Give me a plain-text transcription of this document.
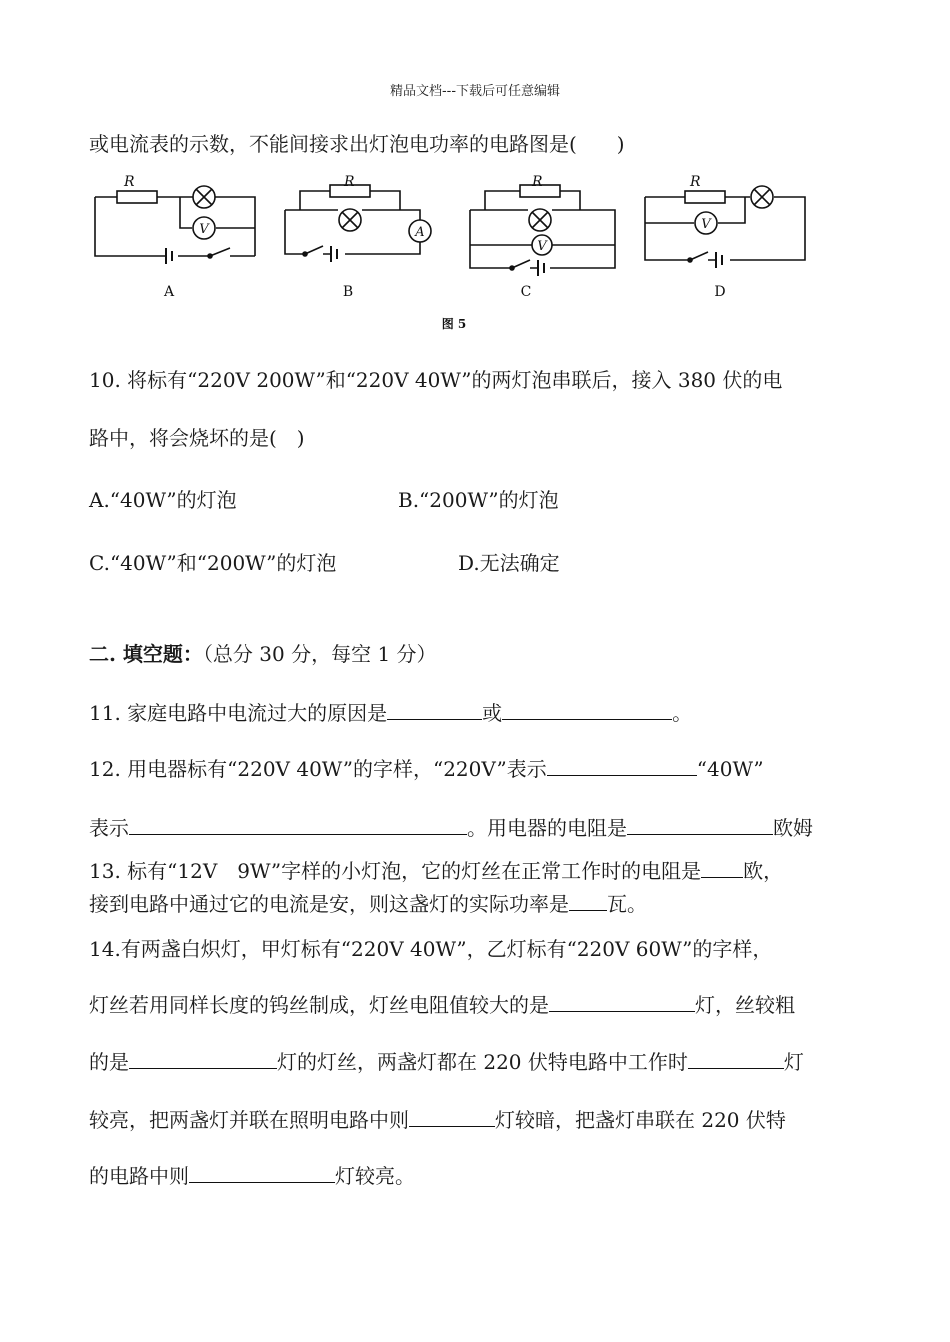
精品文档---下载后可任意编辑
或电流表的示数，不能间接求出灯泡电功率的电路图是(　　)
V	A
V
V
R	R	R	R
A	B	C	D
图 5
10. 将标有“220V 200W”和“220V 40W”的两灯泡串联后，接入 380 伏的电
路中，将会烧坏的是(　)
A.“40W”的灯泡	B.“200W”的灯泡
C.“40W”和“200W”的灯泡	D.无法确定
二. 填空题：（总分 30 分，每空 1 分）
11. 家庭电路中电流过大的原因是	或	。
12. 用电器标有“220V 40W”的字样，“220V”表示	“40W”
表示	。用电器的电阻是	欧姆
13. 标有“12V　9W”字样的小灯泡，它的灯丝在正常工作时的电阻是 欧，
接到电路中通过它的电流是安，则这盏灯的实际功率是 瓦。
14.有两盏白炽灯，甲灯标有“220V 40W”，乙灯标有“220V 60W”的字样，
灯丝若用同样长度的钨丝制成，灯丝电阻值较大的是	灯，丝较粗
的是	灯的灯丝，两盏灯都在 220 伏特电路中工作时	灯
较亮，把两盏灯并联在照明电路中则	灯较暗，把盏灯串联在 220 伏特
的电路中则	灯较亮。
